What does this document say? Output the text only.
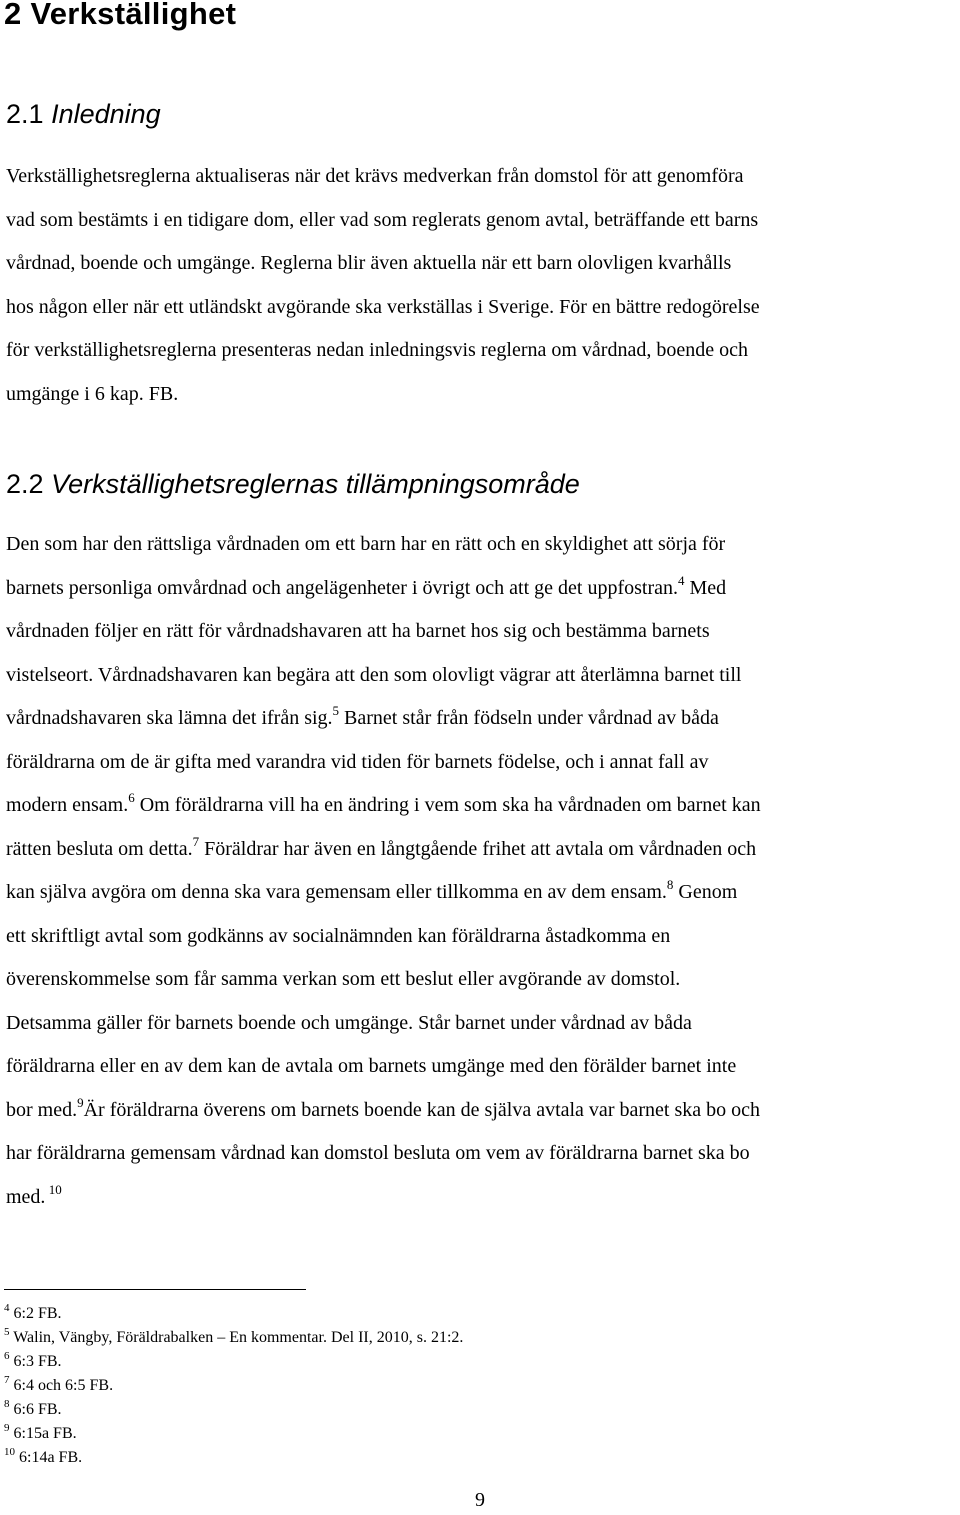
2 Verkställighet
2.1 Inledning

Verkställighetsreglerna aktualiseras när det krävs medverkan från domstol för att genomföra
vad som bestämts i en tidigare dom, eller vad som reglerats genom avtal, beträffande ett barns
vårdnad, boende och umgänge. Reglerna blir även aktuella när ett barn olovligen kvarhålls
hos någon eller när ett utländskt avgörande ska verkställas i Sverige. För en bättre redogörelse
för verkställighetsreglerna presenteras nedan inledningsvis reglerna om vårdnad, boende och
umgänge i 6 kap. FB.

2.2 Verkställighetsreglernas tillämpningsområde

Den som har den rättsliga vårdnaden om ett barn har en rätt och en skyldighet att sörja för
barnets personliga omvårdnad och angelägenheter i övrigt och att ge det uppfostran.$^4$ Med
vårdnaden följer en rätt för vårdnadshavaren att ha barnet hos sig och bestämma barnets
vistelseort. Vårdnadshavaren kan begära att den som olovligt vägrar att återlämna barnet till
vårdnadshavaren ska lämna det ifrån sig.$^5$ Barnet står från födseln under vårdnad av båda
föräldrarna om de är gifta med varandra vid tiden för barnets födelse, och i annat fall av
modern ensam.$^6$ Om föräldrarna vill ha en ändring i vem som ska ha vårdnaden om barnet kan
rätten besluta om detta.$^7$ Föräldrar har även en långtgående frihet att avtala om vårdnaden och
kan själva avgöra om denna ska vara gemensam eller tillkomma en av dem ensam.$^8$ Genom
ett skriftligt avtal som godkänns av socialnämnden kan föräldrarna åstadkomma en
överenskommelse som får samma verkan som ett beslut eller avgörande av domstol.
Detsamma gäller för barnets boende och umgänge. Står barnet under vårdnad av båda
föräldrarna eller en av dem kan de avtala om barnets umgänge med den förälder barnet inte
bor med.$^9$Är föräldrarna överens om barnets boende kan de själva avtala var barnet ska bo och
har föräldrarna gemensam vårdnad kan domstol besluta om vem av föräldrarna barnet ska bo
med. $^{10}$

$^4$ 6:2 FB.
$^5$ Walin, Vängby, Föräldrabalken – En kommentar. Del II, 2010, s. 21:2.
$^6$ 6:3 FB.
$^7$ 6:4 och 6:5 FB.
$^8$ 6:6 FB.
$^9$ 6:15a FB.
$^{10}$ 6:14a FB.
9
